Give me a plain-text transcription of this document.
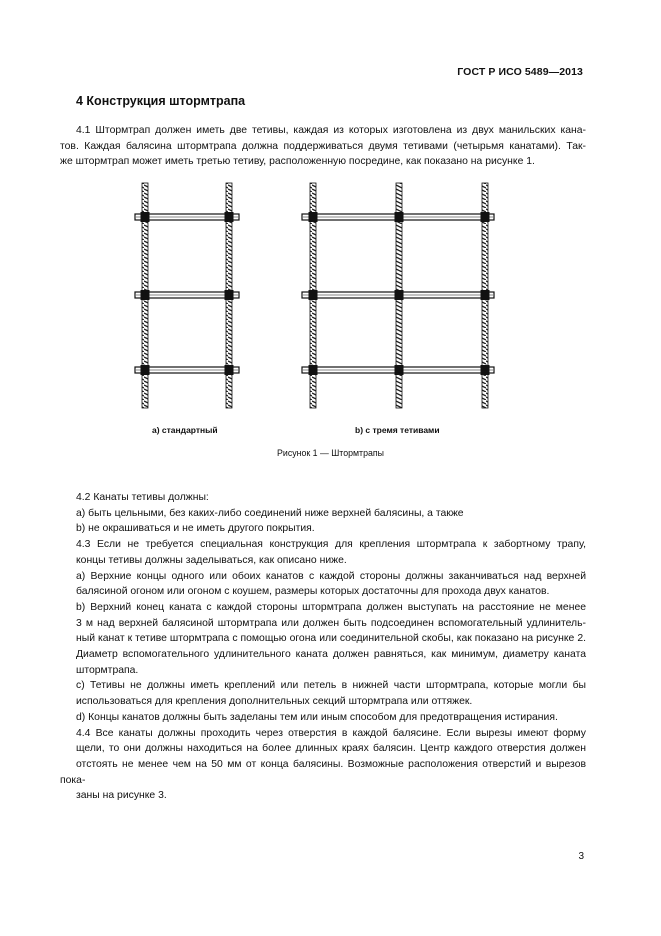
ГОСТ Р ИСО 5489—2013
4 Конструкция штормтрапа

4.1 Штормтрап должен иметь две тетивы, каждая из которых изготовлена из двух манильских кана-

тов. Каждая балясина штормтрапа должна поддерживаться двумя тетивами (четырьмя канатами). Так-

же штормтрап может иметь третью тетиву, расположенную посредине, как показано на рисунке 1.

а) стандартный	b) с тремя тетивами
Рисунок 1 — Штормтрапы

4.2 Канаты тетивы должны:

a) быть цельными, без каких-либо соединений ниже верхней балясины, а также

b) не окрашиваться и не иметь другого покрытия.

4.3 Если не требуется специальная конструкция для крепления штормтрапа к забортному трапу,

концы тетивы должны заделываться, как описано ниже.

a) Верхние концы одного или обоих канатов с каждой стороны должны заканчиваться над верхней

балясиной огоном или огоном с коушем, размеры которых достаточны для прохода двух канатов.

b) Верхний конец каната с каждой стороны штормтрапа должен выступать на расстояние не менее

3 м над верхней балясиной штормтрапа или должен быть подсоединен вспомогательный удлинитель-

ный канат к тетиве штормтрапа с помощью огона или соединительной скобы, как показано на рисунке 2.

Диаметр вспомогательного удлинительного каната должен равняться, как минимум, диаметру каната

штормтрапа.

c) Тетивы не должны иметь креплений или петель в нижней части штормтрапа, которые могли бы

использоваться для крепления дополнительных секций штормтрапа или оттяжек.

d) Концы канатов должны быть заделаны тем или иным способом для предотвращения истирания.

4.4 Все канаты должны проходить через отверстия в каждой балясине. Если вырезы имеют форму

щели, то они должны находиться на более длинных краях балясин. Центр каждого отверстия должен

отстоять не менее чем на 50 мм от конца балясины. Возможные расположения отверстий и вырезов пока-

заны на рисунке 3.

3
